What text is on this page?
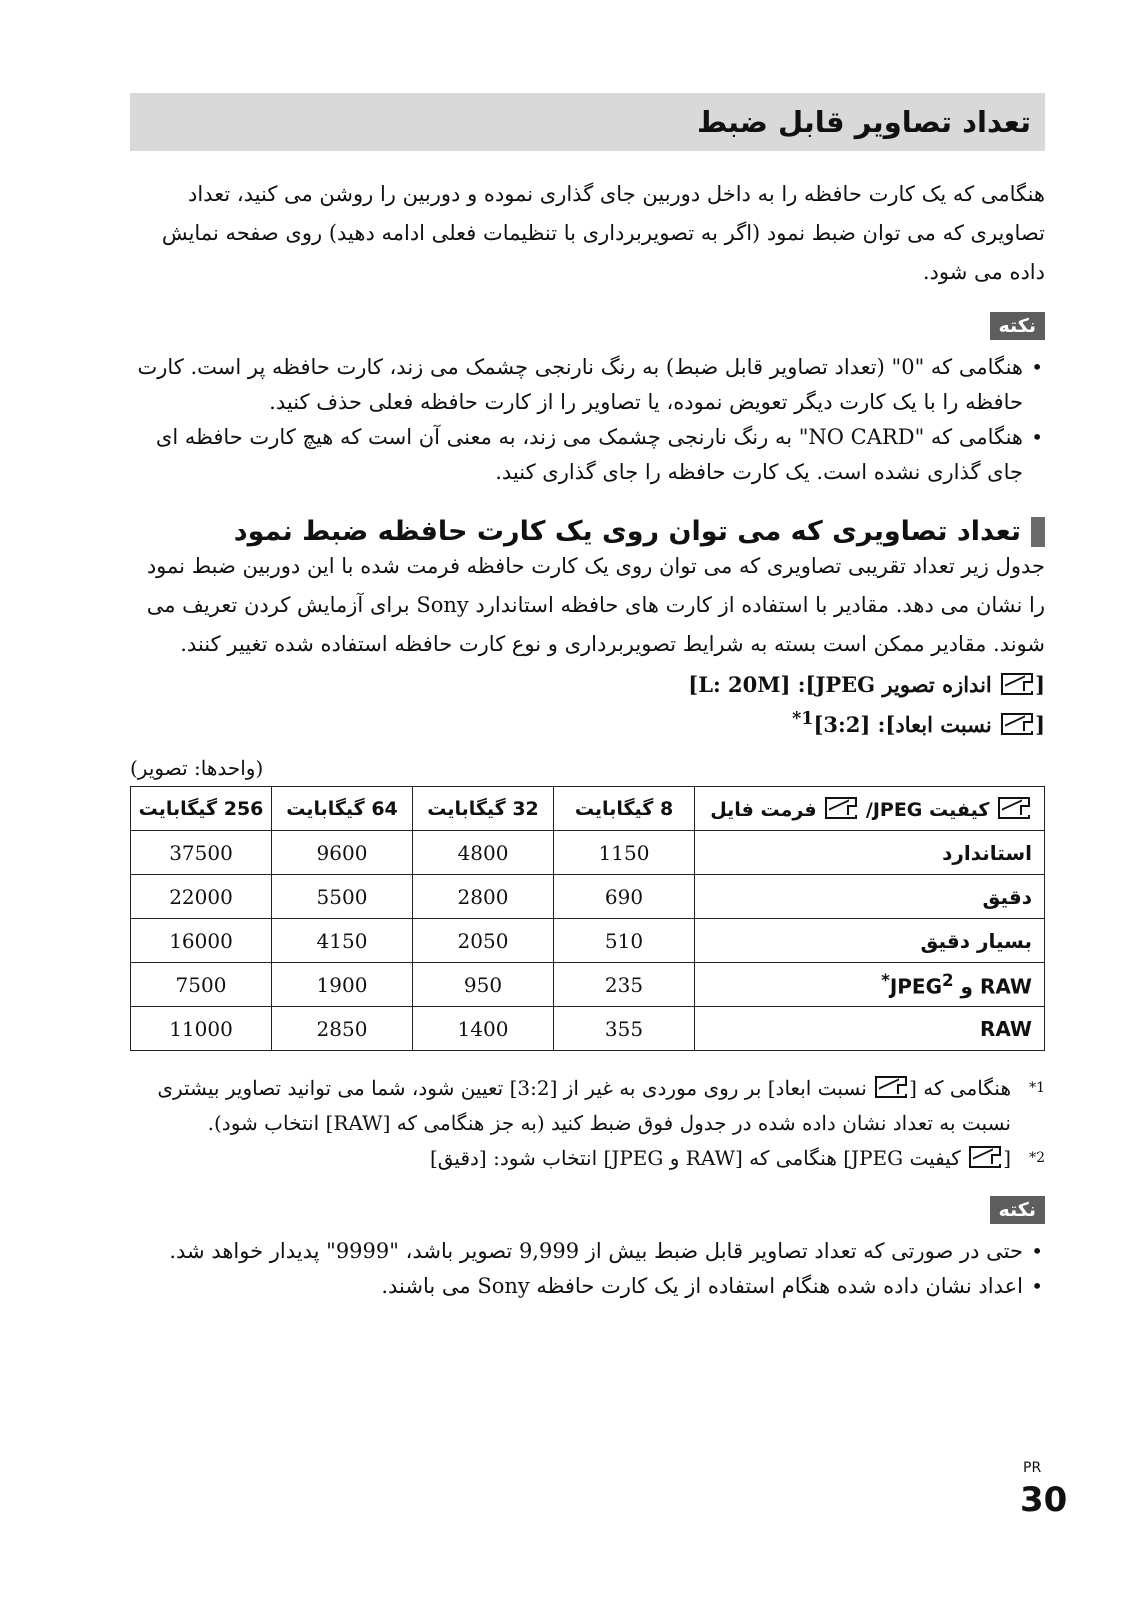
تعداد تصاویر قابل ضبط

هنگامی که یک کارت حافظه را به داخل دوربین جای گذاری نموده و دوربین را روشن می کنید، تعداد تصاویری که می توان ضبط نمود (اگر به تصویربرداری با تنظیمات فعلی ادامه دهید) روی صفحه نمایش داده می شود.

نکته
• هنگامی که "0" (تعداد تصاویر قابل ضبط) به رنگ نارنجی چشمک می زند، کارت حافظه پر است. کارت حافظه را با یک کارت دیگر تعویض نموده، یا تصاویر را از کارت حافظه فعلی حذف کنید.
• هنگامی که "NO CARD" به رنگ نارنجی چشمک می زند، به معنی آن است که هیچ کارت حافظه ای جای گذاری نشده است. یک کارت حافظه را جای گذاری کنید.
تعداد تصاویری که می توان روی یک کارت حافظه ضبط نمود

جدول زیر تعداد تقریبی تصاویری که می توان روی یک کارت حافظه فرمت شده با این دوربین ضبط نمود را نشان می دهد. مقادیر با استفاده از کارت های حافظه استاندارد Sony برای آزمایش کردن تعریف می شوند. مقادیر ممکن است بسته به شرایط تصویربرداری و نوع کارت حافظه استفاده شده تغییر کنند.

[ اندازه تصویر JPEG]: [L: 20M]
[ نسبت ابعاد]: [3:2]$^{1*}$
(واحدها: تصویر)
کیفیت JPEG/  فرمت فایل	8 گیگابایت	32 گیگابایت	64 گیگابایت	256 گیگابایت
استاندارد	1150	4800	9600	37500
دقیق	690	2800	5500	22000
بسیار دقیق	510	2050	4150	16000
RAW و $JPEG^{2*}$	235	950	1900	7500
RAW	355	1400	2850	11000
1*
هنگامی که [ نسبت ابعاد] بر روی موردی به غیر از [3:2] تعیین شود، شما می توانید تصاویر بیشتری نسبت به تعداد نشان داده شده در جدول فوق ضبط کنید (به جز هنگامی که [RAW] انتخاب شود).
2*
[ کیفیت JPEG] هنگامی که [RAW و JPEG] انتخاب شود: [دقیق]
نکته
• حتی در صورتی که تعداد تصاویر قابل ضبط بیش از 9,999 تصویر باشد، "9999" پدیدار خواهد شد.
• اعداد نشان داده شده هنگام استفاده از یک کارت حافظه Sony می باشند.
PR
30
